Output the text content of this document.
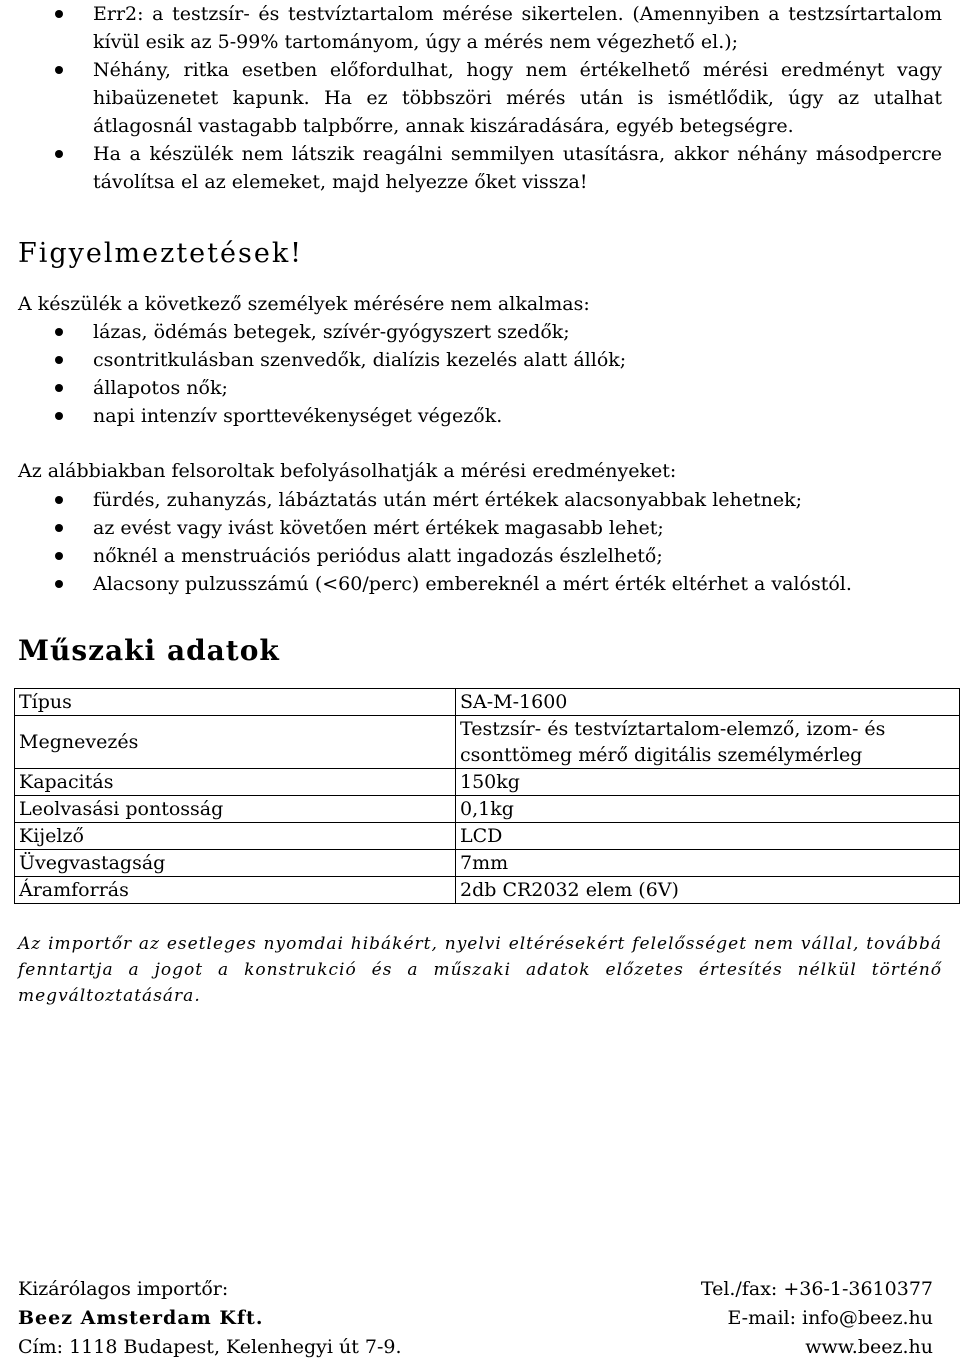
Err2: a testzsír- és testvíztartalom mérése sikertelen. (Amennyiben a testzsírtartalom kívül esik az 5-99% tartományom, úgy a mérés nem végezhető el.);
Néhány, ritka esetben előfordulhat, hogy nem értékelhető mérési eredményt vagy hibaüzenetet kapunk. Ha ez többszöri mérés után is ismétlődik, úgy az utalhat átlagosnál vastagabb talpbőrre, annak kiszáradására, egyéb betegségre.
Ha a készülék nem látszik reagálni semmilyen utasításra, akkor néhány másodpercre távolítsa el az elemeket, majd helyezze őket vissza!
Figyelmeztetések!
A készülék a következő személyek mérésére nem alkalmas:
lázas, ödémás betegek, szívér-gyógyszert szedők;
csontritkulásban szenvedők, dialízis kezelés alatt állók;
állapotos nők;
napi intenzív sporttevékenységet végezők.
Az alábbiakban felsoroltak befolyásolhatják a mérési eredményeket:
fürdés, zuhanyzás, lábáztatás után mért értékek alacsonyabbak lehetnek;
az evést vagy ivást követően mért értékek magasabb lehet;
nőknél a menstruációs periódus alatt ingadozás észlelhető;
Alacsony pulzusszámú (<60/perc) embereknél a mért érték eltérhet a valóstól.
Műszaki adatok
Típus	SA-M-1600
Megnevezés	Testzsír- és testvíztartalom-elemző, izom- és csonttömeg mérő digitális személymérleg
Kapacitás	150kg
Leolvasási pontosság	0,1kg
Kijelző	LCD
Üvegvastagság	7mm
Áramforrás	2db CR2032 elem (6V)
Az importőr az esetleges nyomdai hibákért, nyelvi eltérésekért felelősséget nem vállal, továbbá fenntartja a jogot a konstrukció és a műszaki adatok előzetes értesítés nélkül történő megváltoztatására.
Kizárólagos importőr:
Beez Amsterdam Kft.
Cím: 1118 Budapest, Kelenhegyi út 7-9.
Tel./fax: +36-1-3610377
E-mail: info@beez.hu
www.beez.hu
